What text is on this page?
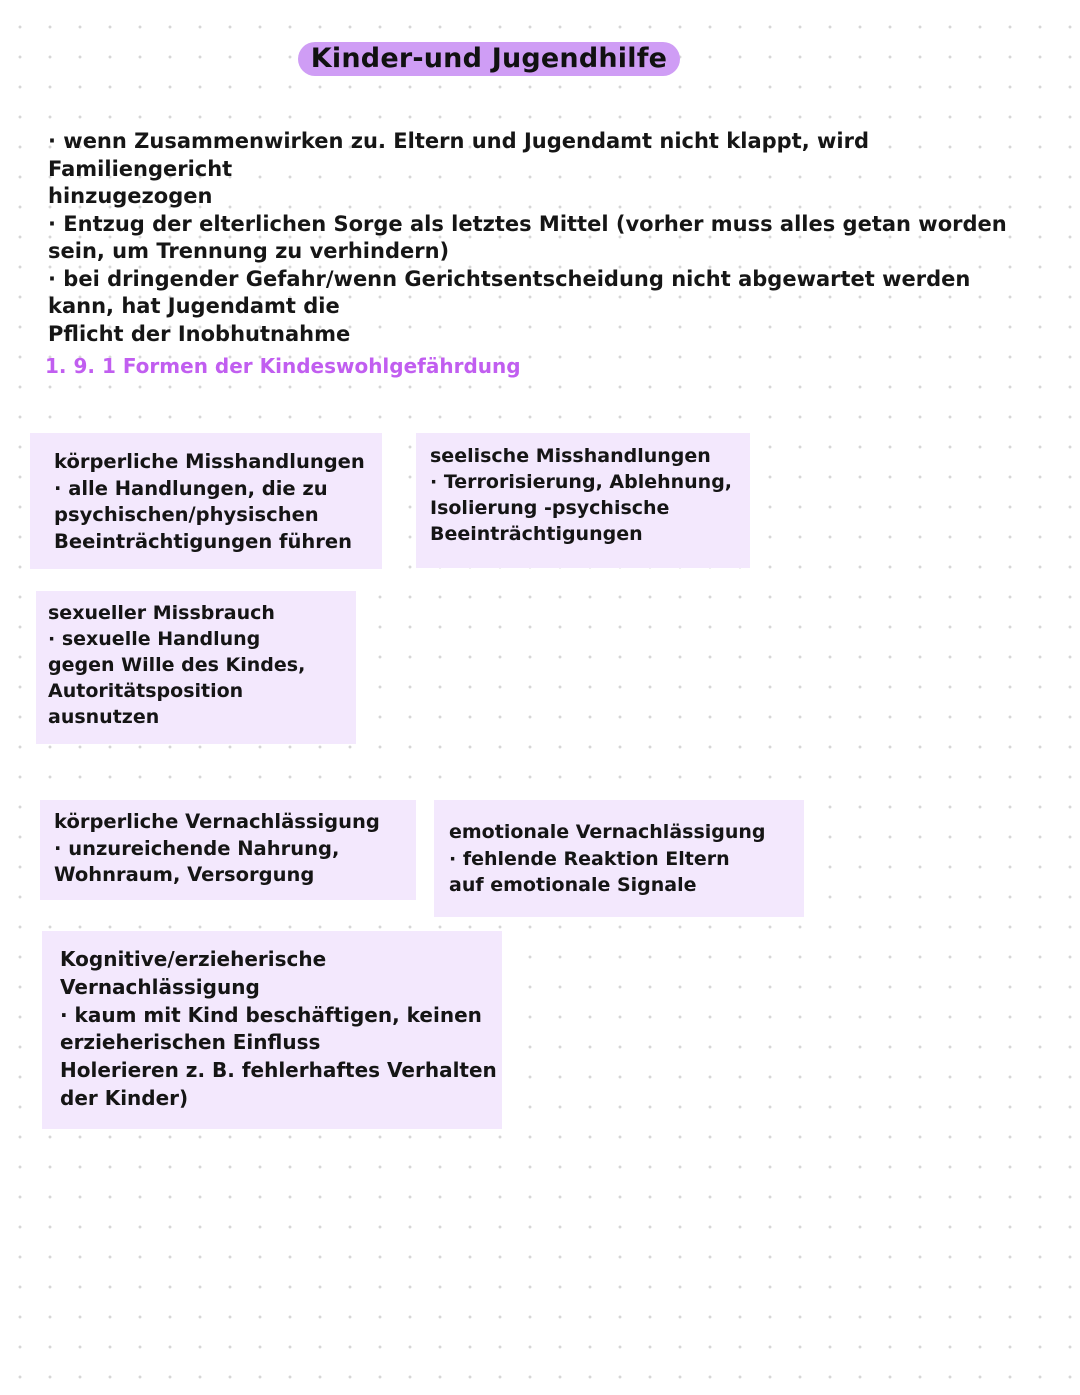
Kinder-und Jugendhilfe

· wenn Zusammenwirken zu. Eltern und Jugendamt nicht klappt, wird Familiengericht
hinzugezogen

· Entzug der elterlichen Sorge als letztes Mittel (vorher muss alles getan worden
sein, um Trennung zu verhindern)

· bei dringender Gefahr/wenn Gerichtsentscheidung nicht abgewartet werden
kann, hat Jugendamt die
Pflicht der Inobhutnahme

1. 9. 1 Formen der Kindeswohlgefährdung
körperliche Misshandlungen
· alle Handlungen, die zu
psychischen/physischen
Beeinträchtigungen führen
seelische Misshandlungen
· Terrorisierung, Ablehnung,
Isolierung -psychische
Beeinträchtigungen
sexueller Missbrauch
· sexuelle Handlung
gegen Wille des Kindes,
Autoritätsposition
ausnutzen
körperliche Vernachlässigung
· unzureichende Nahrung,
Wohnraum, Versorgung
emotionale Vernachlässigung
· fehlende Reaktion Eltern
auf emotionale Signale
Kognitive/erzieherische
Vernachlässigung
· kaum mit Kind beschäftigen, keinen
erzieherischen Einfluss
Holerieren z. B. fehlerhaftes Verhalten
der Kinder)
